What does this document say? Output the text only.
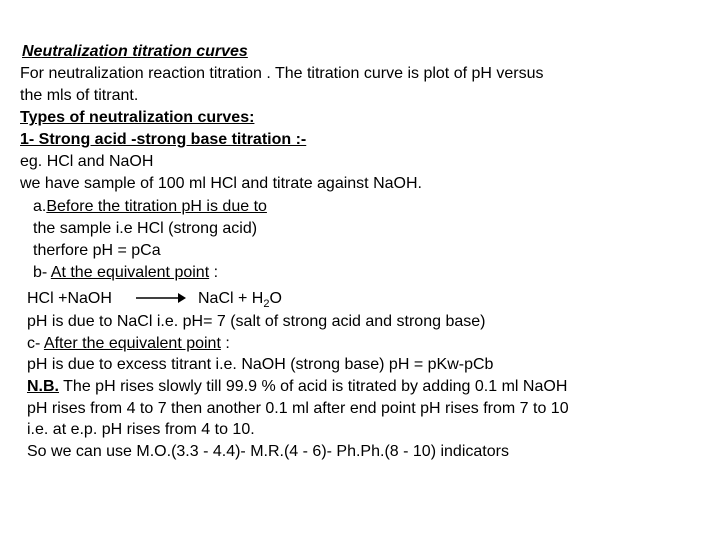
Neutralization titration curves
For neutralization reaction titration . The titration curve is plot of pH versus
the mls of titrant.
Types of neutralization curves:
1- Strong acid -strong base titration :-
eg. HCl and NaOH
we have sample of 100 ml HCl and titrate against NaOH.
a.Before the titration pH is due to
the sample i.e HCl (strong acid)
therfore pH = pCa
b- At the equivalent point :
HCl +NaOH → NaCl + $H_2O$
pH is due to NaCl i.e. pH= 7 (salt of strong acid and strong base)
c- After the equivalent point :
pH is due to excess titrant i.e. NaOH (strong base) pH = pKw-pCb
N.B. The pH rises slowly till 99.9 % of acid is titrated by adding 0.1 ml NaOH
pH rises from 4 to 7 then another 0.1 ml after end point pH rises from 7 to 10
i.e. at e.p. pH rises from 4 to 10.
So we can use M.O.(3.3 - 4.4)- M.R.(4 - 6)- Ph.Ph.(8 - 10) indicators
